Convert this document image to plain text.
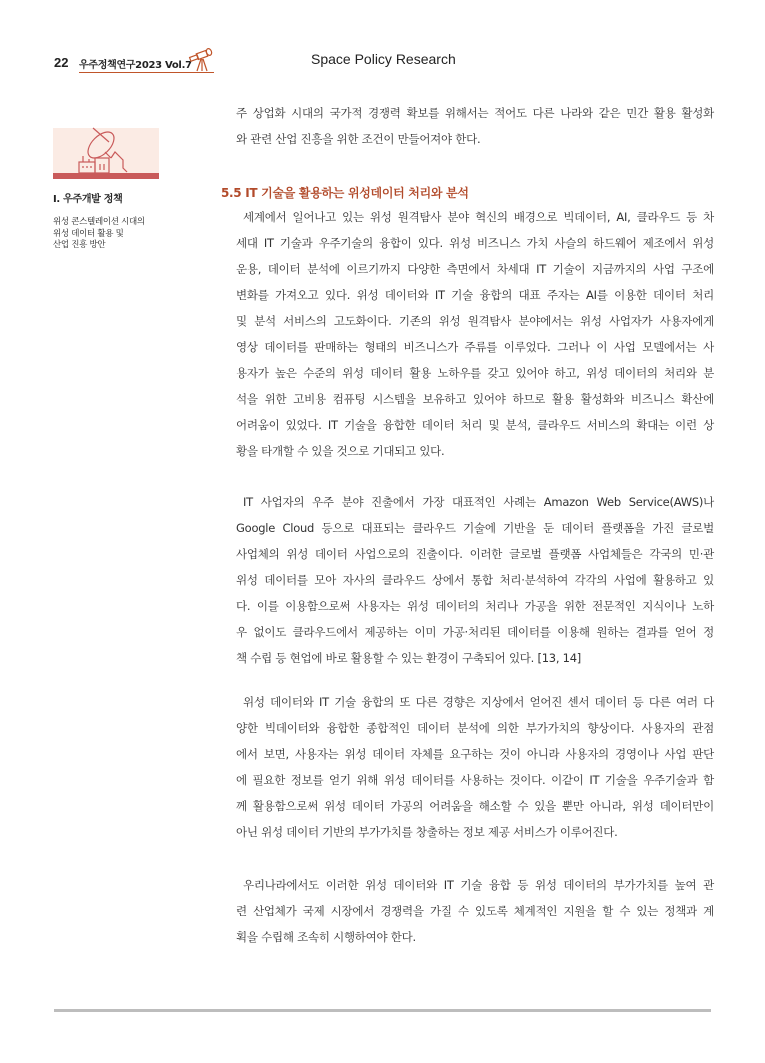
22 우주정책연구2023 Vol.7	Space Policy Research
I. 우주개발 정책
위성 콘스텔레이션 시대의
위성 데이터 활용 및
산업 진흥 방안
주 상업화 시대의 국가적 경쟁력 확보를 위해서는 적어도 다른 나라와 같은 민간 활용 활성화
와 관련 산업 진흥을 위한 조건이 만들어져야 한다.
5.5 IT 기술을 활용하는 위성데이터 처리와 분석
세계에서 일어나고 있는 위성 원격탐사 분야 혁신의 배경으로 빅데이터, AI, 클라우드 등 차
세대 IT 기술과 우주기술의 융합이 있다. 위성 비즈니스 가치 사슬의 하드웨어 제조에서 위성
운용, 데이터 분석에 이르기까지 다양한 측면에서 차세대 IT 기술이 지금까지의 사업 구조에
변화를 가져오고 있다. 위성 데이터와 IT 기술 융합의 대표 주자는 AI를 이용한 데이터 처리
및 분석 서비스의 고도화이다. 기존의 위성 원격탐사 분야에서는 위성 사업자가 사용자에게
영상 데이터를 판매하는 형태의 비즈니스가 주류를 이루었다. 그러나 이 사업 모델에서는 사
용자가 높은 수준의 위성 데이터 활용 노하우를 갖고 있어야 하고, 위성 데이터의 처리와 분
석을 위한 고비용 컴퓨팅 시스템을 보유하고 있어야 하므로 활용 활성화와 비즈니스 확산에
어려움이 있었다. IT 기술을 융합한 데이터 처리 및 분석, 클라우드 서비스의 확대는 이런 상
황을 타개할 수 있을 것으로 기대되고 있다.
IT 사업자의 우주 분야 진출에서 가장 대표적인 사례는 Amazon Web Service(AWS)나
Google Cloud 등으로 대표되는 클라우드 기술에 기반을 둔 데이터 플랫폼을 가진 글로벌
사업체의 위성 데이터 사업으로의 진출이다. 이러한 글로벌 플랫폼 사업체들은 각국의 민·관
위성 데이터를 모아 자사의 클라우드 상에서 통합 처리·분석하여 각각의 사업에 활용하고 있
다. 이를 이용함으로써 사용자는 위성 데이터의 처리나 가공을 위한 전문적인 지식이나 노하
우 없이도 클라우드에서 제공하는 이미 가공·처리된 데이터를 이용해 원하는 결과를 얻어 정
책 수립 등 현업에 바로 활용할 수 있는 환경이 구축되어 있다. [13, 14]
위성 데이터와 IT 기술 융합의 또 다른 경향은 지상에서 얻어진 센서 데이터 등 다른 여러 다
양한 빅데이터와 융합한 종합적인 데이터 분석에 의한 부가가치의 향상이다. 사용자의 관점
에서 보면, 사용자는 위성 데이터 자체를 요구하는 것이 아니라 사용자의 경영이나 사업 판단
에 필요한 정보를 얻기 위해 위성 데이터를 사용하는 것이다. 이같이 IT 기술을 우주기술과 함
께 활용함으로써 위성 데이터 가공의 어려움을 해소할 수 있을 뿐만 아니라, 위성 데이터만이
아닌 위성 데이터 기반의 부가가치를 창출하는 정보 제공 서비스가 이루어진다.
우리나라에서도 이러한 위성 데이터와 IT 기술 융합 등 위성 데이터의 부가가치를 높여 관
련 산업체가 국제 시장에서 경쟁력을 가질 수 있도록 체계적인 지원을 할 수 있는 정책과 계
획을 수립해 조속히 시행하여야 한다.
